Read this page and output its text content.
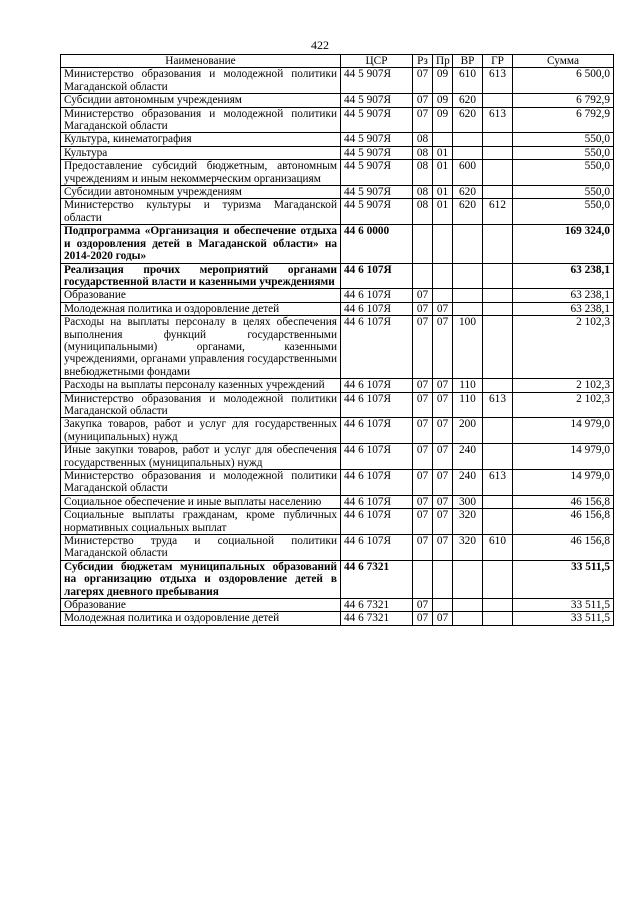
422
Наименование	ЦСР	Рз	Пр	ВР	ГР	Сумма
Министерство образования и молодежной политики Магаданской области	44 5 907Я	07	09	610	613	6 500,0
Субсидии автономным учреждениям	44 5 907Я	07	09	620		6 792,9
Министерство образования и молодежной политики Магаданской области	44 5 907Я	07	09	620	613	6 792,9
Культура, кинематография	44 5 907Я	08				550,0
Культура	44 5 907Я	08	01			550,0
Предоставление субсидий бюджетным, автономным учреждениям и иным некоммерческим организациям	44 5 907Я	08	01	600		550,0
Субсидии автономным учреждениям	44 5 907Я	08	01	620		550,0
Министерство культуры и туризма Магаданской области	44 5 907Я	08	01	620	612	550,0
Подпрограмма «Организация и обеспечение отдыха и оздоровления детей в Магаданской области» на 2014-2020 годы»	44 6 0000					169 324,0
Реализация прочих мероприятий органами государственной власти и казенными учреждениями	44 6 107Я					63 238,1
Образование	44 6 107Я	07				63 238,1
Молодежная политика и оздоровление детей	44 6 107Я	07	07			63 238,1
Расходы на выплаты персоналу в целях обеспечения выполнения функций государственными (муниципальными) органами, казенными учреждениями, органами управления государственными внебюджетными фондами	44 6 107Я	07	07	100		2 102,3
Расходы на выплаты персоналу казенных учреждений	44 6 107Я	07	07	110		2 102,3
Министерство образования и молодежной политики Магаданской области	44 6 107Я	07	07	110	613	2 102,3
Закупка товаров, работ и услуг для государственных (муниципальных) нужд	44 6 107Я	07	07	200		14 979,0
Иные закупки товаров, работ и услуг для обеспечения государственных (муниципальных) нужд	44 6 107Я	07	07	240		14 979,0
Министерство образования и молодежной политики Магаданской области	44 6 107Я	07	07	240	613	14 979,0
Социальное обеспечение и иные выплаты населению	44 6 107Я	07	07	300		46 156,8
Социальные выплаты гражданам, кроме публичных нормативных социальных выплат	44 6 107Я	07	07	320		46 156,8
Министерство труда и социальной политики Магаданской области	44 6 107Я	07	07	320	610	46 156,8
Субсидии бюджетам муниципальных образований на организацию отдыха и оздоровление детей в лагерях дневного пребывания	44 6 7321					33 511,5
Образование	44 6 7321	07				33 511,5
Молодежная политика и оздоровление детей	44 6 7321	07	07			33 511,5
